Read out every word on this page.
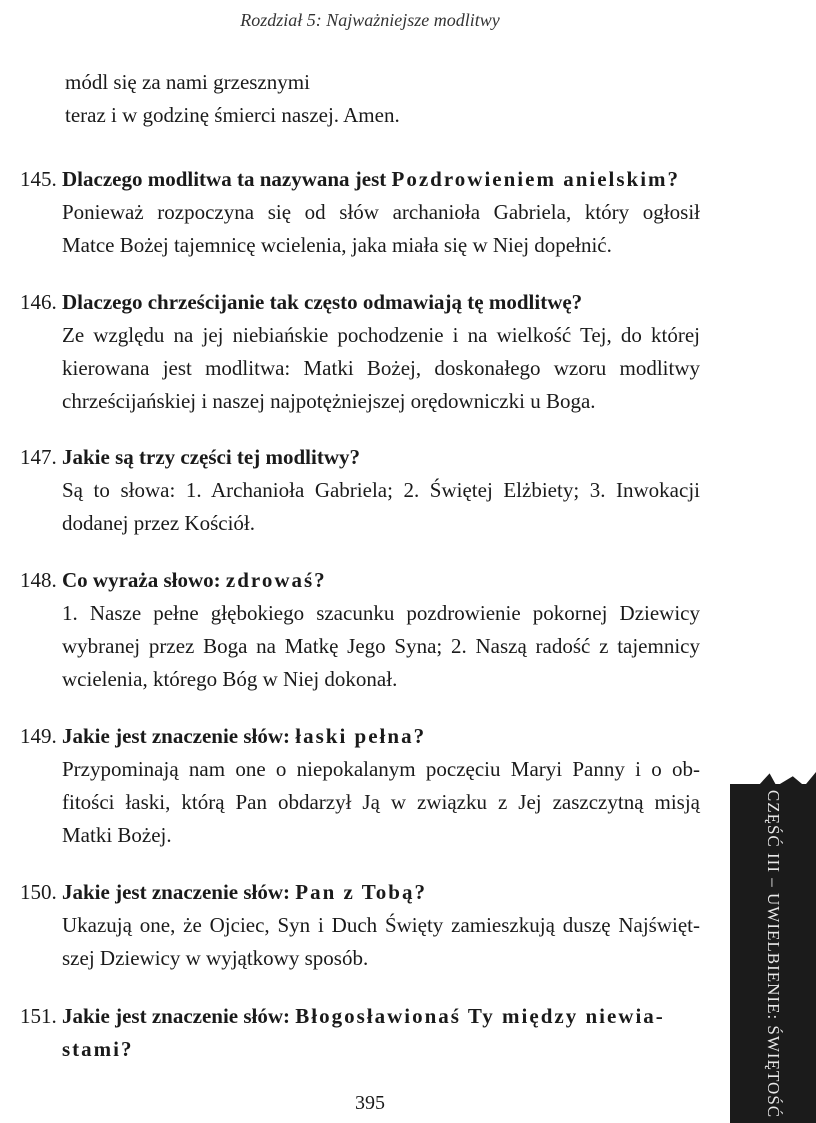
Rozdział 5: Najważniejsze modlitwy
módl się za nami grzesznymi
teraz i w godzinę śmierci naszej. Amen.
145. Dlaczego modlitwa ta nazywana jest Pozdrowieniem anielskim?
Ponieważ rozpoczyna się od słów archanioła Gabriela, który ogłosił
Matce Bożej tajemnicę wcielenia, jaka miała się w Niej dopełnić.
146. Dlaczego chrześcijanie tak często odmawiają tę modlitwę?
Ze względu na jej niebiańskie pochodzenie i na wielkość Tej, do której
kierowana jest modlitwa: Matki Bożej, doskonałego wzoru modlitwy
chrześcijańskiej i naszej najpotężniejszej orędowniczki u Boga.
147. Jakie są trzy części tej modlitwy?
Są to słowa: 1. Archanioła Gabriela; 2. Świętej Elżbiety; 3. Inwokacji
dodanej przez Kościół.
148. Co wyraża słowo: zdrowaś?
1. Nasze pełne głębokiego szacunku pozdrowienie pokornej Dziewicy
wybranej przez Boga na Matkę Jego Syna; 2. Naszą radość z tajemnicy
wcielenia, którego Bóg w Niej dokonał.
149. Jakie jest znaczenie słów: łaski pełna?
Przypominają nam one o niepokalanym poczęciu Maryi Panny i o ob-
fitości łaski, którą Pan obdarzył Ją w związku z Jej zaszczytną misją
Matki Bożej.
150. Jakie jest znaczenie słów: Pan z Tobą?
Ukazują one, że Ojciec, Syn i Duch Święty zamieszkują duszę Najświęt-
szej Dziewicy w wyjątkowy sposób.
151. Jakie jest znaczenie słów: Błogosławionaś Ty między niewia-stami?
395	CZĘŚĆ III – UWIELBIENIE: ŚWIĘTOŚĆ
